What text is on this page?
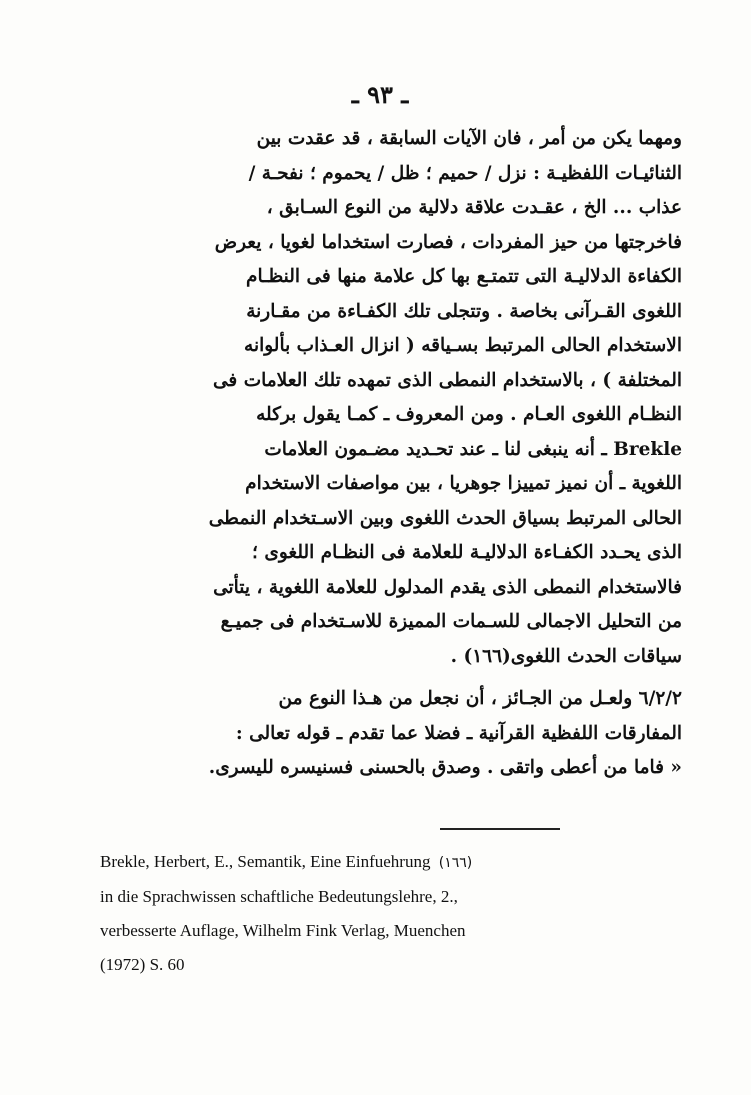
ـ ٩٣ ـ
ومهما يكن من أمر ، فان الآيات السابقة ، قد عقدت بين
الثنائيـات اللفظيـة : نزل / حميم ؛ ظل / يحموم ؛ نفحـة /
عذاب ... الخ ، عقـدت علاقة دلالية من النوع السـابق ،
فاخرجتها من حيز المفردات ، فصارت استخداما لغويا ، يعرض
الكفاءة الدلاليـة التى تتمتـع بها كل علامة منها فى النظـام
اللغوى القـرآنى بخاصة . وتتجلى تلك الكفـاءة من مقـارنة
الاستخدام الحالى المرتبط بسـياقه ( انزال العـذاب بألوانه
المختلفة ) ، بالاستخدام النمطى الذى تمهده تلك العلامات فى
النظـام اللغوى العـام . ومن المعروف ـ كمـا يقول بركله
Brekle ـ أنه ينبغى لنا ـ عند تحـديد مضـمون العلامات
اللغوية ـ أن نميز تمييزا جوهريا ، بين مواصفات الاستخدام
الحالى المرتبط بسياق الحدث اللغوى وبين الاسـتخدام النمطى
الذى يحـدد الكفـاءة الدلاليـة للعلامة فى النظـام اللغوى ؛
فالاستخدام النمطى الذى يقدم المدلول للعلامة اللغوية ، يتأتى
من التحليل الاجمالى للسـمات المميزة للاسـتخدام فى جميـع
سياقات الحدث اللغوى(١٦٦) .
٦/٢/٢ ولعـل من الجـائز ، أن نجعل من هـذا النوع من
المفارقات اللفظية القرآنية ـ فضلا عما تقدم ـ قوله تعالى :
« فاما من أعطى واتقى . وصدق بالحسنى فسنيسره لليسرى.
Brekle, Herbert, E., Semantik, Eine Einfuehrung (١٦٦)
in die Sprachwissen schaftliche Bedeutungslehre, 2.,
verbesserte Auflage, Wilhelm Fink Verlag, Muenchen
(1972) S. 60
